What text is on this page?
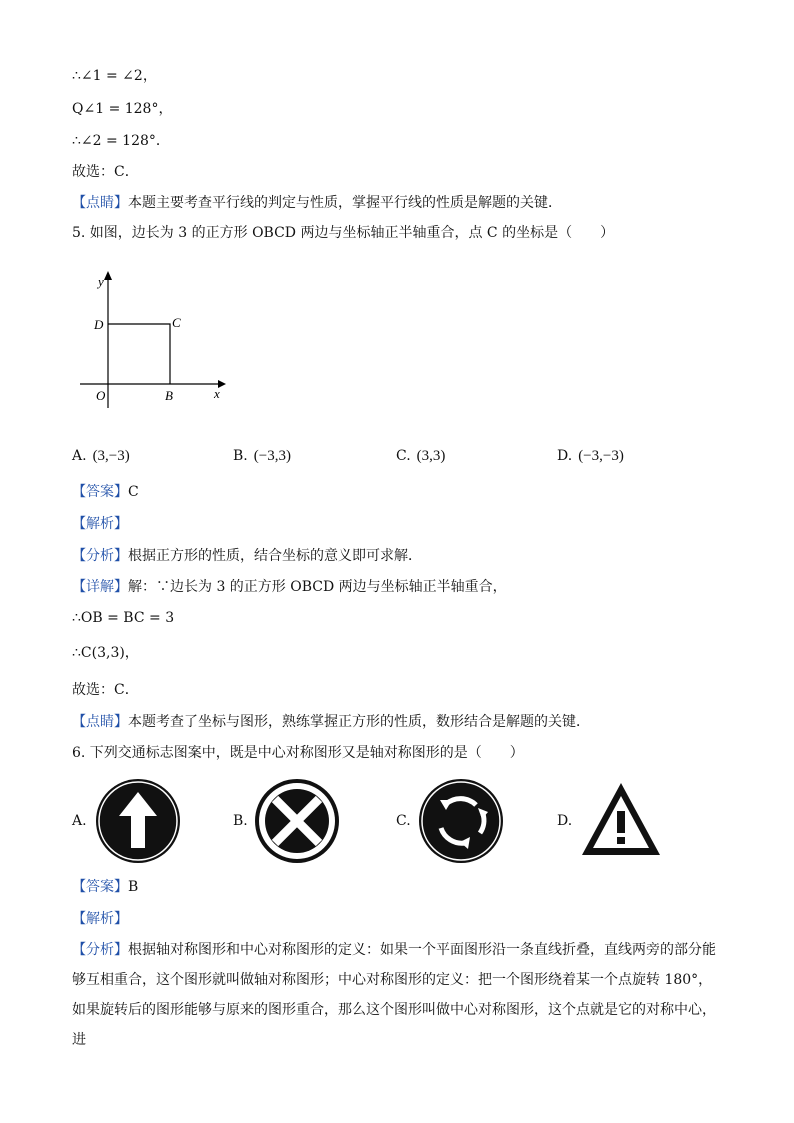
∴∠1 = ∠2，
Q∠1 = 128°，
∴∠2 = 128°．
故选：C．
【点睛】本题主要考查平行线的判定与性质，掌握平行线的性质是解题的关键．
5. 如图，边长为 3 的正方形 OBCD 两边与坐标轴正半轴重合，点 C 的坐标是（　　）
y
x
O	B
C
D
A. (3,−3)	B. (−3,3)	C. (3,3)	D. (−3,−3)
【答案】C
【解析】
【分析】根据正方形的性质，结合坐标的意义即可求解．
【详解】解：∵边长为 3 的正方形 OBCD 两边与坐标轴正半轴重合，
∴OB = BC = 3
∴C(3,3)，
故选：C．
【点睛】本题考查了坐标与图形，熟练掌握正方形的性质，数形结合是解题的关键．
6. 下列交通标志图案中，既是中心对称图形又是轴对称图形的是（　　）
A.	B.	C.	D.
【答案】B
【解析】
【分析】根据轴对称图形和中心对称图形的定义：如果一个平面图形沿一条直线折叠，直线两旁的部分能够互相重合，这个图形就叫做轴对称图形；中心对称图形的定义：把一个图形绕着某一个点旋转 180°，如果旋转后的图形能够与原来的图形重合，那么这个图形叫做中心对称图形，这个点就是它的对称中心，进
